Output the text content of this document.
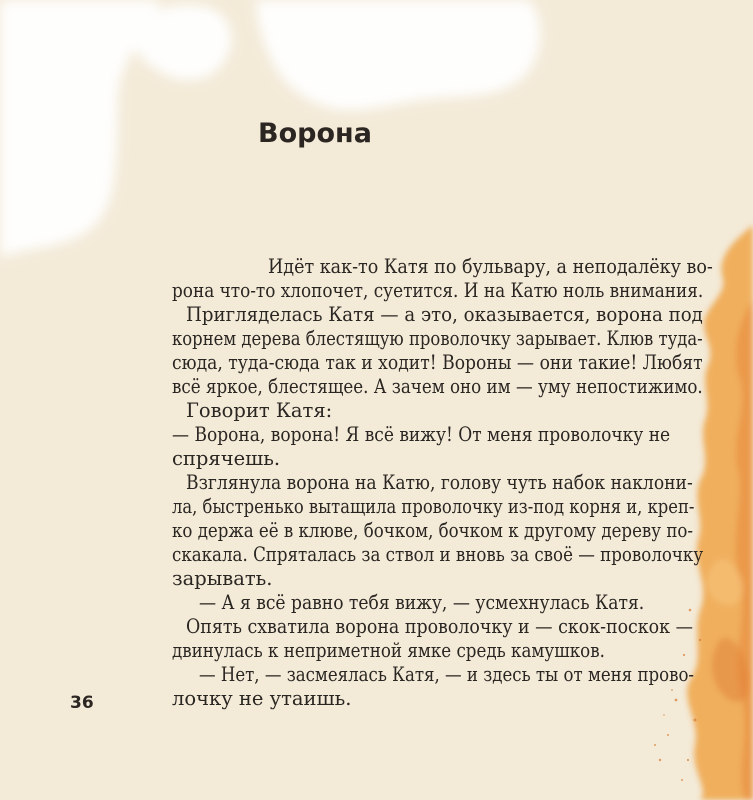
Ворона
Идёт как-то Катя по бульвару, а неподалёку во-
рона что-то хлопочет, суетится. И на Катю ноль внимания.
Пригляделась Катя — а это, оказывается, ворона под
корнем дерева блестящую проволочку зарывает. Клюв туда-
сюда, туда-сюда так и ходит! Вороны — они такие! Любят
всё яркое, блестящее. А зачем оно им — уму непостижимо.
Говорит Катя:
— Ворона, ворона! Я всё вижу! От меня проволочку не
спрячешь.
Взглянула ворона на Катю, голову чуть набок наклони-
ла, быстренько вытащила проволочку из-под корня и, креп-
ко держа её в клюве, бочком, бочком к другому дереву по-
скакала. Спряталась за ствол и вновь за своё — проволочку
зарывать.
— А я всё равно тебя вижу, — усмехнулась Катя.
Опять схватила ворона проволочку и — скок-поскок —
двинулась к неприметной ямке средь камушков.
— Нет, — засмеялась Катя, — и здесь ты от меня прово-
лочку не утаишь.
36
